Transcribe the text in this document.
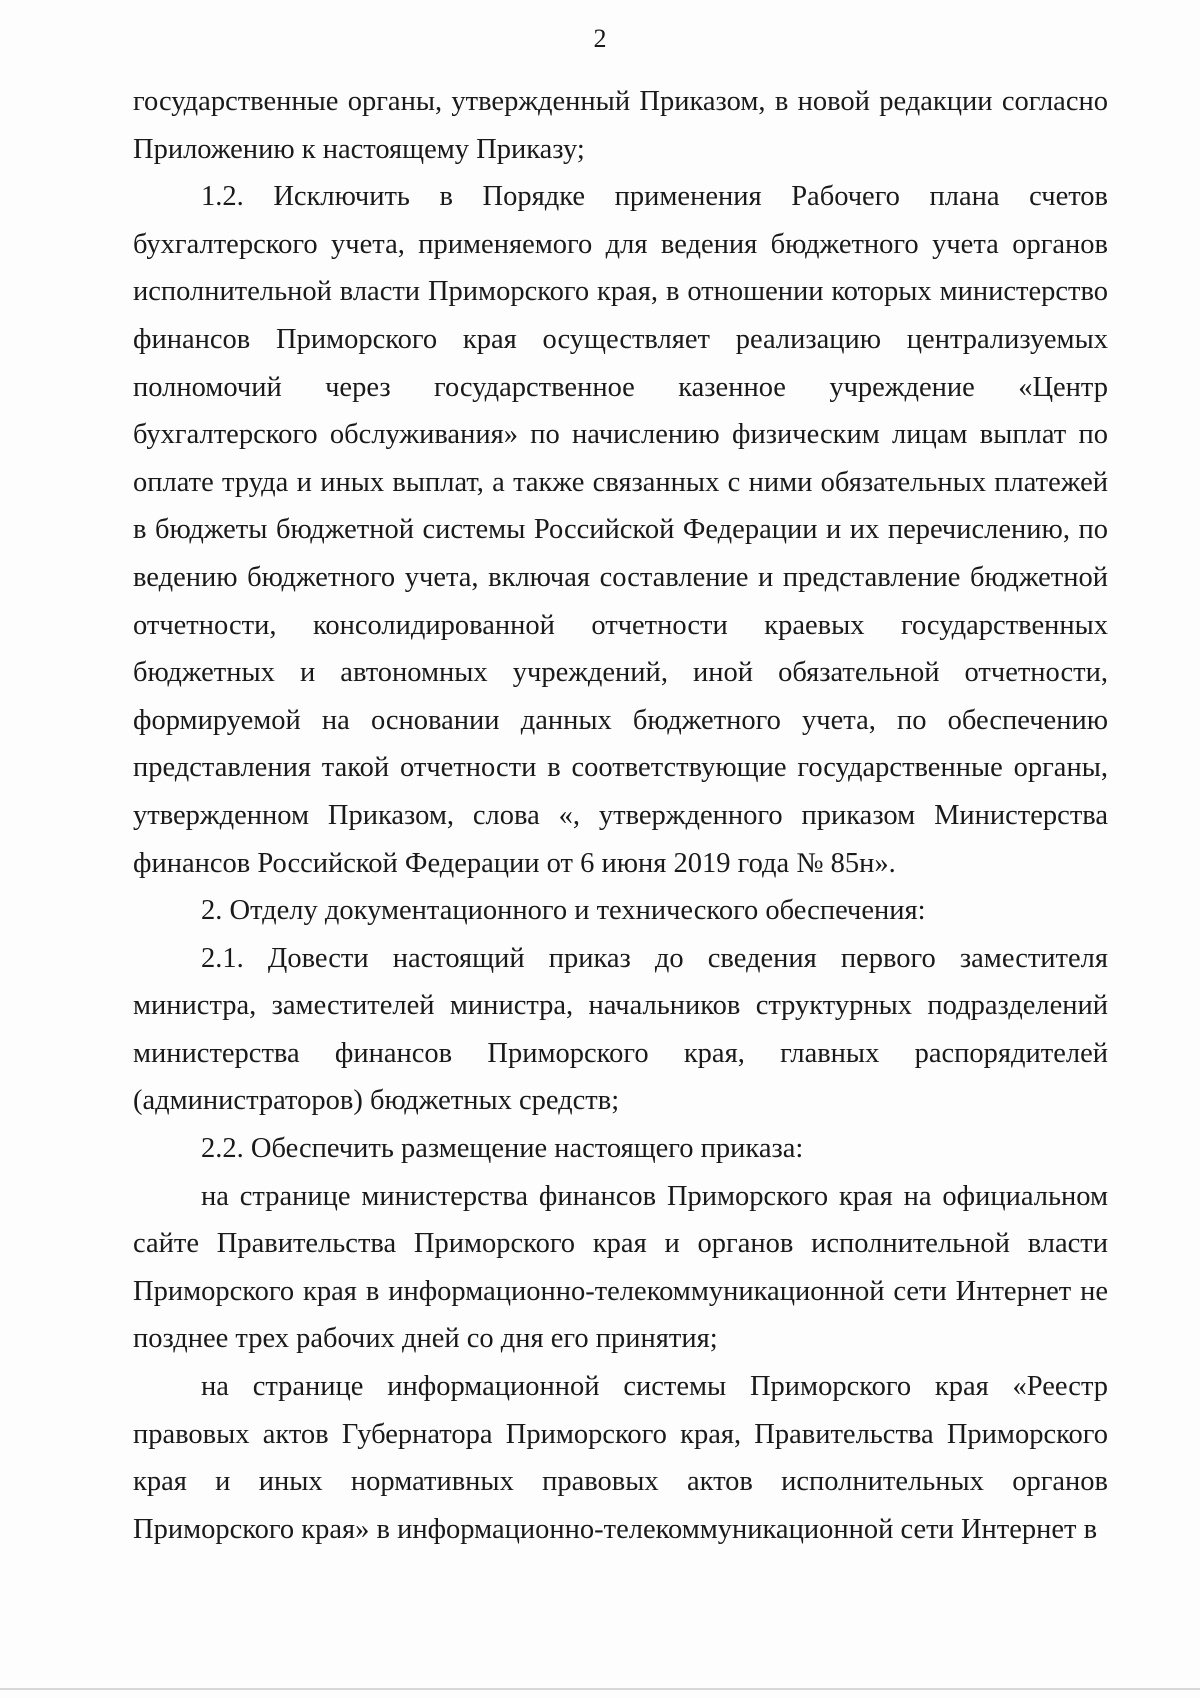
2

государственные органы, утвержденный Приказом, в новой редакции согласно Приложению к настоящему Приказу;

1.2. Исключить в Порядке применения Рабочего плана счетов бухгалтерского учета, применяемого для ведения бюджетного учета органов исполнительной власти Приморского края, в отношении которых министерство финансов Приморского края осуществляет реализацию централизуемых полномочий через государственное казенное учреждение «Центр бухгалтерского обслуживания» по начислению физическим лицам выплат по оплате труда и иных выплат, а также связанных с ними обязательных платежей в бюджеты бюджетной системы Российской Федерации и их перечислению, по ведению бюджетного учета, включая составление и представление бюджетной отчетности, консолидированной отчетности краевых государственных бюджетных и автономных учреждений, иной обязательной отчетности, формируемой на основании данных бюджетного учета, по обеспечению представления такой отчетности в соответствующие государственные органы, утвержденном Приказом, слова «, утвержденного приказом Министерства финансов Российской Федерации от 6 июня 2019 года № 85н».

2. Отделу документационного и технического обеспечения:

2.1. Довести настоящий приказ до сведения первого заместителя министра, заместителей министра, начальников структурных подразделений министерства финансов Приморского края, главных распорядителей (администраторов) бюджетных средств;

2.2. Обеспечить размещение настоящего приказа:

на странице министерства финансов Приморского края на официальном сайте Правительства Приморского края и органов исполнительной власти Приморского края в информационно-телекоммуникационной сети Интернет не позднее трех рабочих дней со дня его принятия;

на странице информационной системы Приморского края «Реестр правовых актов Губернатора Приморского края, Правительства Приморского края и иных нормативных правовых актов исполнительных органов Приморского края» в информационно-телекоммуникационной сети Интернет в
